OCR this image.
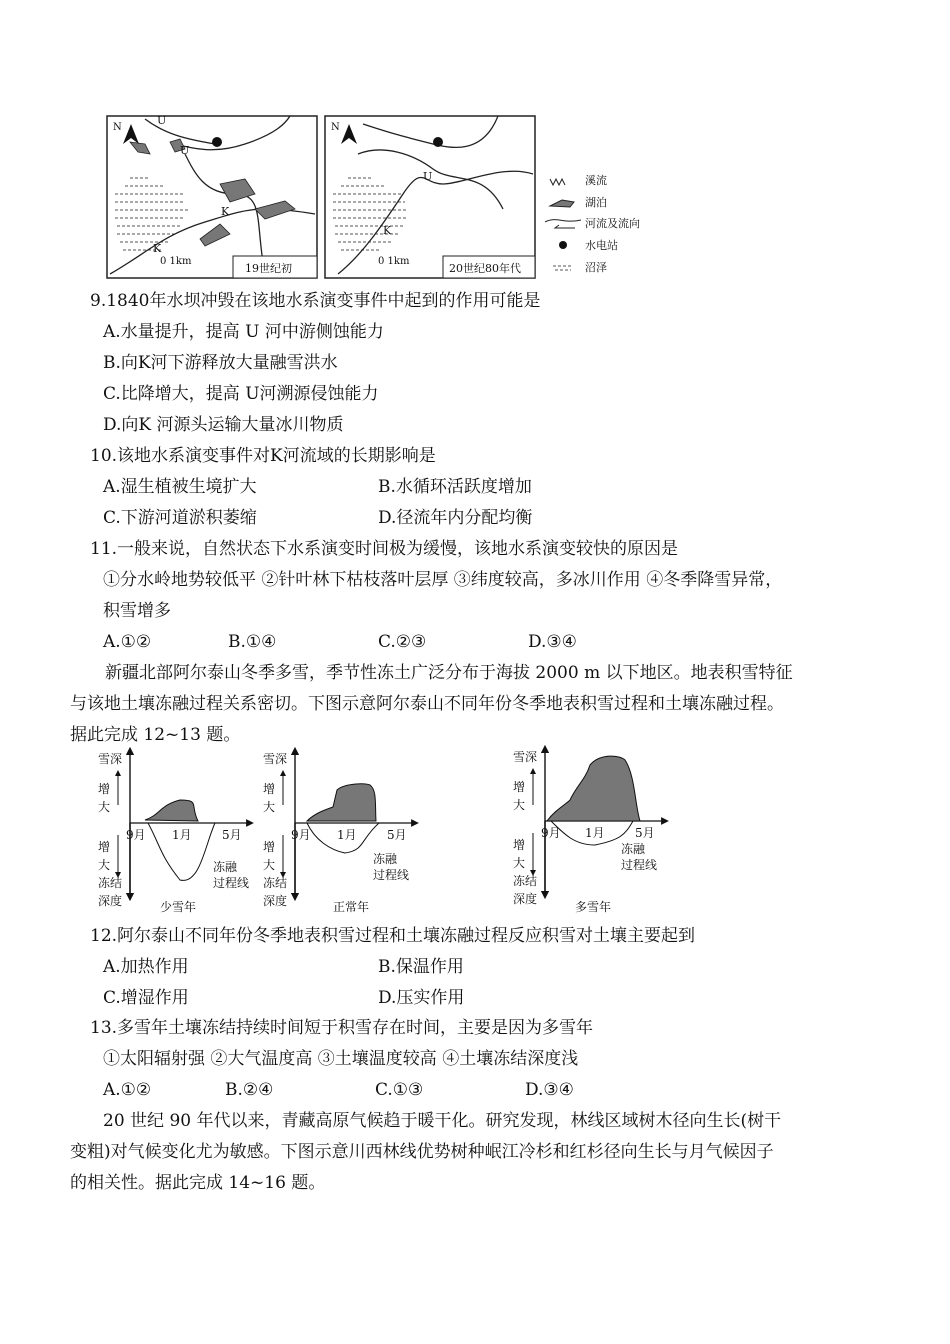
N
U
U
K
K
0 1km
19世纪初
N
U
K
0 1km
20世纪80年代
溪流
湖泊
河流及流向
水电站
沼泽
9.1840年水坝冲毁在该地水系演变事件中起到的作用可能是
A.水量提升，提高 U 河中游侧蚀能力
B.向K河下游释放大量融雪洪水
C.比降增大，提高 U河溯源侵蚀能力
D.向K 河源头运输大量冰川物质
10.该地水系演变事件对K河流域的长期影响是
A.湿生植被生境扩大	B.水循环活跃度增加
C.下游河道淤积萎缩	D.径流年内分配均衡
11.一般来说，自然状态下水系演变时间极为缓慢，该地水系演变较快的原因是
①分水岭地势较低平 ②针叶林下枯枝落叶层厚 ③纬度较高，多冰川作用 ④冬季降雪异常，
积雪增多
A.①②	B.①④	C.②③	D.③④
新疆北部阿尔泰山冬季多雪，季节性冻土广泛分布于海拔 2000 m 以下地区。地表积雪特征
与该地土壤冻融过程关系密切。下图示意阿尔泰山不同年份冬季地表积雪过程和土壤冻融过程。
据此完成 12~13 题。
雪深
增
大
增
大
冻结
深度
9月 1月	5月
冻融
过程线
少雪年
雪深
增
大
增
大
冻结
深度
9月 1月	5月
冻融
过程线
正常年
雪深
增
大
增
大
冻结
深度
9月 1月	5月
冻融
过程线
多雪年
12.阿尔泰山不同年份冬季地表积雪过程和土壤冻融过程反应积雪对土壤主要起到
A.加热作用	B.保温作用
C.增湿作用	D.压实作用
13.多雪年土壤冻结持续时间短于积雪存在时间，主要是因为多雪年
①太阳辐射强 ②大气温度高 ③土壤温度较高 ④土壤冻结深度浅
A.①②	B.②④	C.①③	D.③④
20 世纪 90 年代以来，青藏高原气候趋于暖干化。研究发现，林线区域树木径向生长(树干
变粗)对气候变化尤为敏感。下图示意川西林线优势树种岷江冷杉和红杉径向生长与月气候因子
的相关性。据此完成 14~16 题。
